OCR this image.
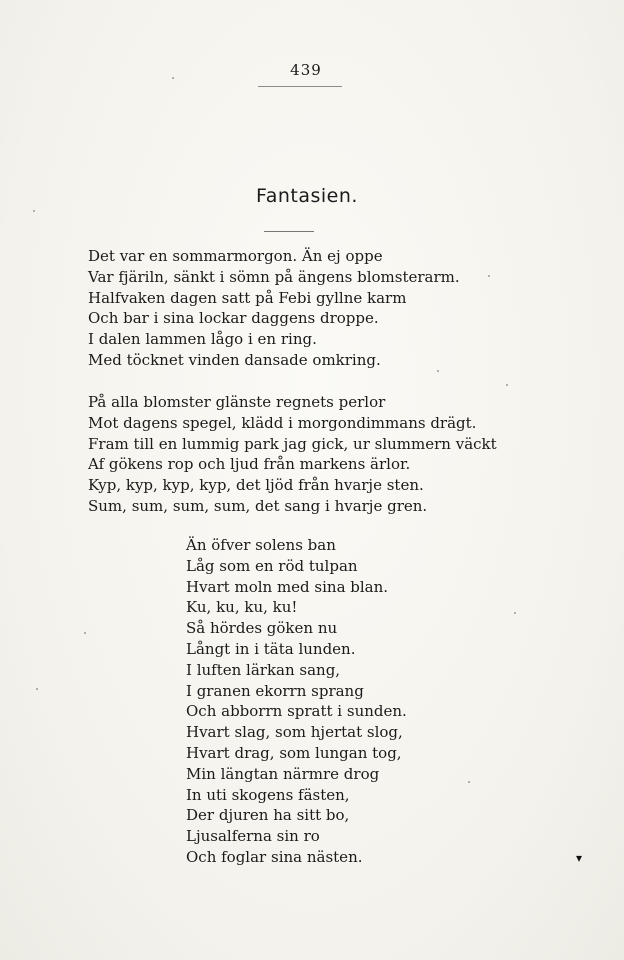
439
Fantasien.
Det var en sommarmorgon. Än ej oppe
Var fjäriln, sänkt i sömn på ängens blomsterarm.
Halfvaken dagen satt på Febi gyllne karm
Och bar i sina lockar daggens droppe.
I dalen lammen lågo i en ring.
Med töcknet vinden dansade omkring.
På alla blomster glänste regnets perlor
Mot dagens spegel, klädd i morgondimmans drägt.
Fram till en lummig park jag gick, ur slummern väckt
Af gökens rop och ljud från markens ärlor.
Kyp, kyp, kyp, kyp, det ljöd från hvarje sten.
Sum, sum, sum, sum, det sang i hvarje gren.
Än öfver solens ban
Låg som en röd tulpan
Hvart moln med sina blan.
Ku, ku, ku, ku!
Så hördes göken nu
Långt in i täta lunden.
I luften lärkan sang,
I granen ekorrn sprang
Och abborrn spratt i sunden.
Hvart slag, som hjertat slog,
Hvart drag, som lungan tog,
Min längtan närmre drog
In uti skogens fästen,
Der djuren ha sitt bo,
Ljusalferna sin ro
Och foglar sina nästen.	▾
